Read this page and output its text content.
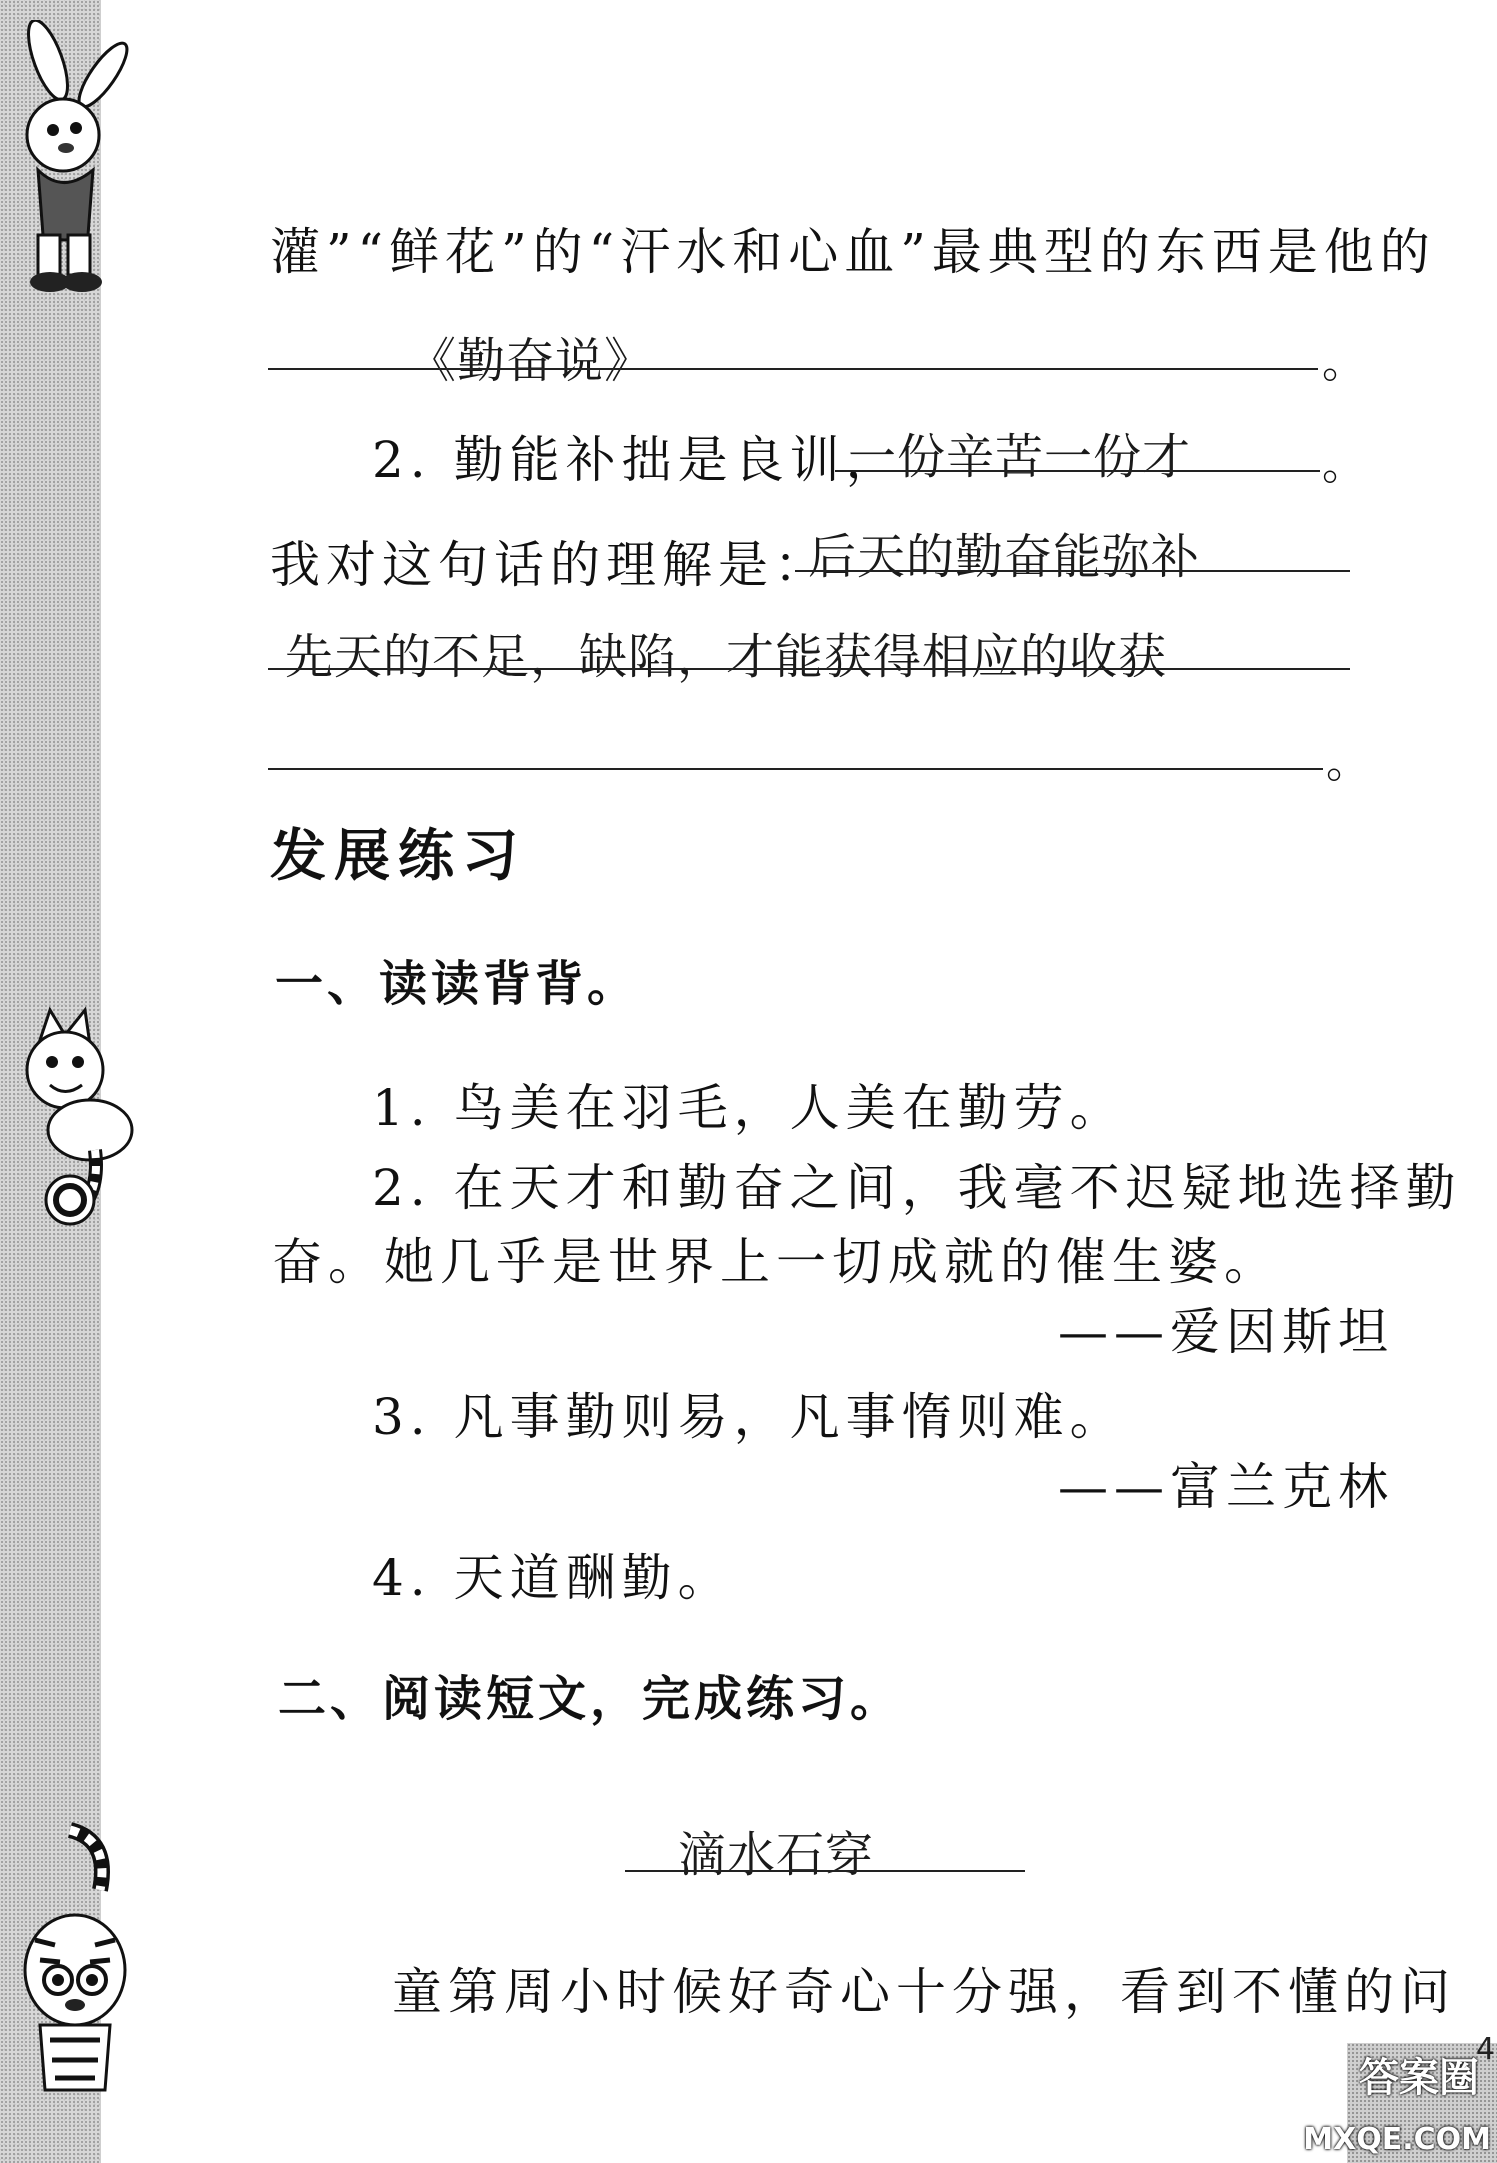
灌”“鲜花”的“汗水和心血”最典型的东西是他的
《勤奋说》	。
2. 勤能补拙是良训，
一份辛苦一份才	。
我对这句话的理解是：
后天的勤奋能弥补
先天的不足，缺陷，才能获得相应的收获
。
发展练习
一、读读背背。
1. 鸟美在羽毛，人美在勤劳。
2. 在天才和勤奋之间，我毫不迟疑地选择勤
奋。她几乎是世界上一切成就的催生婆。
——爱因斯坦
3. 凡事勤则易，凡事惰则难。
——富兰克林
4. 天道酬勤。
二、阅读短文，完成练习。
滴水石穿
童第周小时候好奇心十分强，看到不懂的问
4
答案圈
MXQE.COM
